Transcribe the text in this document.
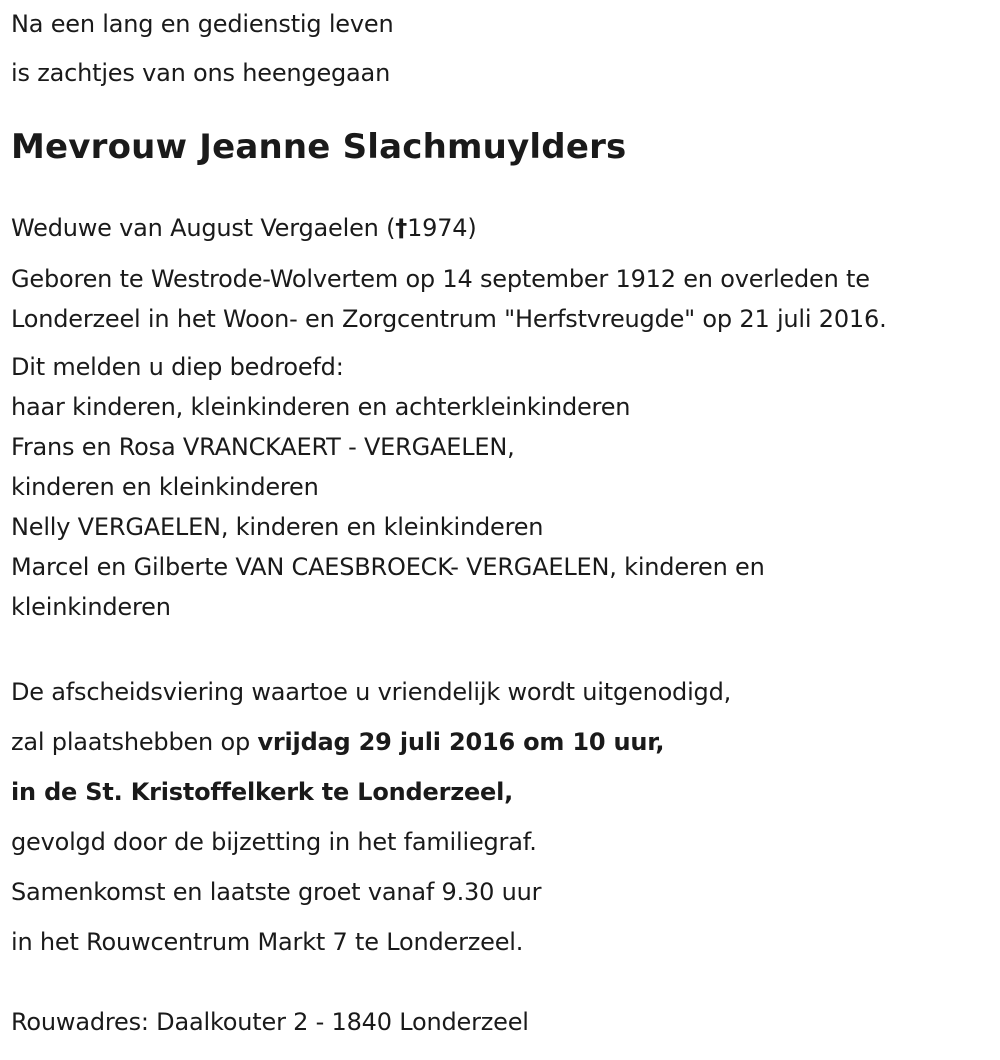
Na een lang en gedienstig leven
is zachtjes van ons heengegaan
Mevrouw Jeanne Slachmuylders
Weduwe van August Vergaelen (†1974)
Geboren te Westrode-Wolvertem op 14 september 1912 en overleden te Londerzeel in het Woon- en Zorgcentrum "Herfstvreugde" op 21 juli 2016.
Dit melden u diep bedroefd:
haar kinderen, kleinkinderen en achterkleinkinderen
Frans en Rosa VRANCKAERT - VERGAELEN,
kinderen en kleinkinderen
Nelly VERGAELEN, kinderen en kleinkinderen
Marcel en Gilberte VAN CAESBROECK- VERGAELEN, kinderen en
kleinkinderen
De afscheidsviering waartoe u vriendelijk wordt uitgenodigd,
zal plaatshebben op vrijdag 29 juli 2016 om 10 uur,
in de St. Kristoffelkerk te Londerzeel,
gevolgd door de bijzetting in het familiegraf.
Samenkomst en laatste groet vanaf 9.30 uur
in het Rouwcentrum Markt 7 te Londerzeel.
Rouwadres: Daalkouter 2 - 1840 Londerzeel
